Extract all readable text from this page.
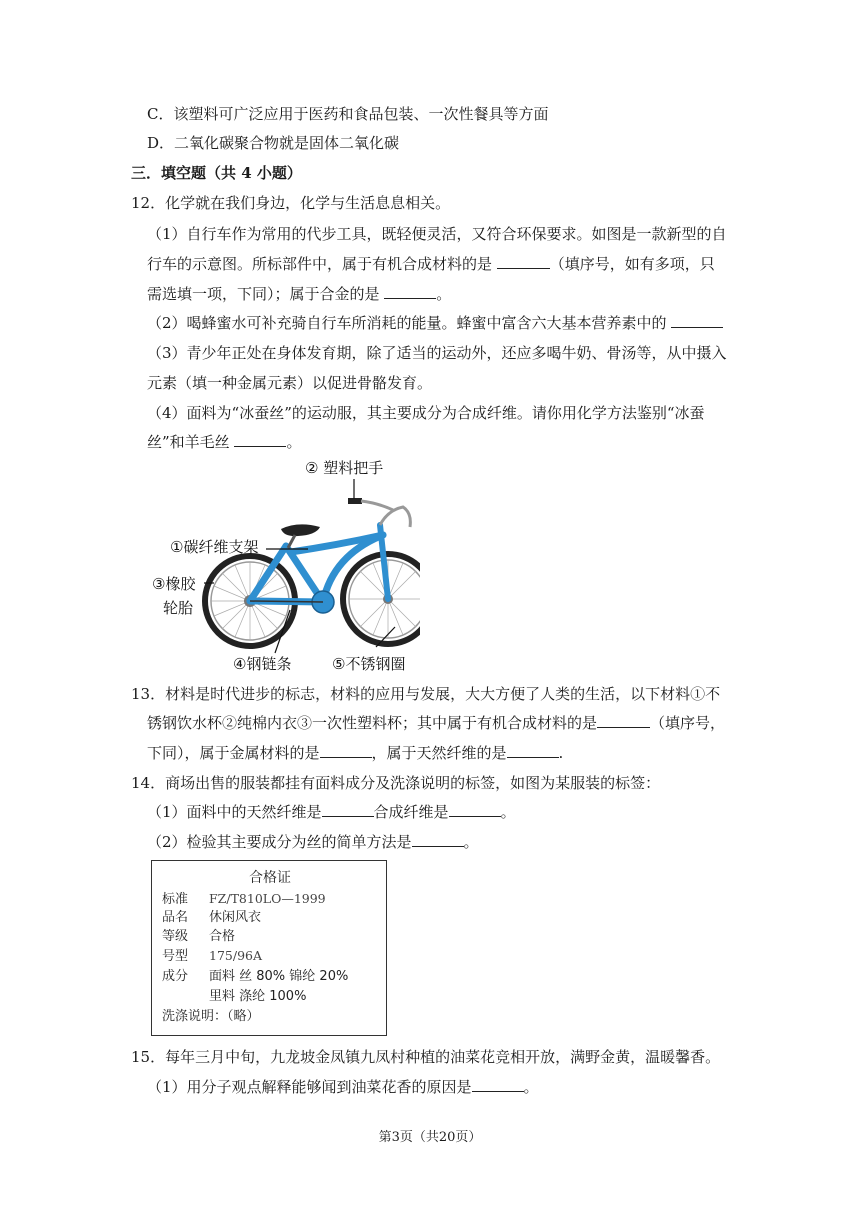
C．该塑料可广泛应用于医药和食品包装、一次性餐具等方面
D．二氧化碳聚合物就是固体二氧化碳
三．填空题（共 4 小题）
12．化学就在我们身边，化学与生活息息相关。
（1）自行车作为常用的代步工具，既轻便灵活，又符合环保要求。如图是一款新型的自
行车的示意图。所标部件中，属于有机合成材料的是	（填序号，如有多项，只
需选填一项，下同）；属于合金的是	。
（2）喝蜂蜜水可补充骑自行车所消耗的能量。蜂蜜中富含六大基本营养素中的
（3）青少年正处在身体发育期，除了适当的运动外，还应多喝牛奶、骨汤等，从中摄入
元素（填一种金属元素）以促进骨骼发育。
（4）面料为“冰蚕丝”的运动服，其主要成分为合成纤维。请你用化学方法鉴别“冰蚕
丝”和羊毛丝	。
② 塑料把手
①碳纤维支架
③橡胶
轮胎
④钢链条	⑤不锈钢圈
13．材料是时代进步的标志，材料的应用与发展，大大方便了人类的生活，以下材料①不
锈钢饮水杯②纯棉内衣③一次性塑料杯；其中属于有机合成材料的是	（填序号，
下同），属于金属材料的是	，属于天然纤维的是	.
14．商场出售的服装都挂有面料成分及洗涤说明的标签，如图为某服装的标签：
（1）面料中的天然纤维是	合成纤维是	。
（2）检验其主要成分为丝的简单方法是	。
合格证
标准 FZ/T810LO—1999
品名 休闲风衣
等级 合格
号型 175/96A
成分 面料 丝 80% 锦纶 20%
里料 涤纶 100%
洗涤说明：（略）
15．每年三月中旬，九龙坡金凤镇九凤村种植的油菜花竞相开放，满野金黄，温暖馨香。
（1）用分子观点解释能够闻到油菜花香的原因是	。
第3页（共20页）
